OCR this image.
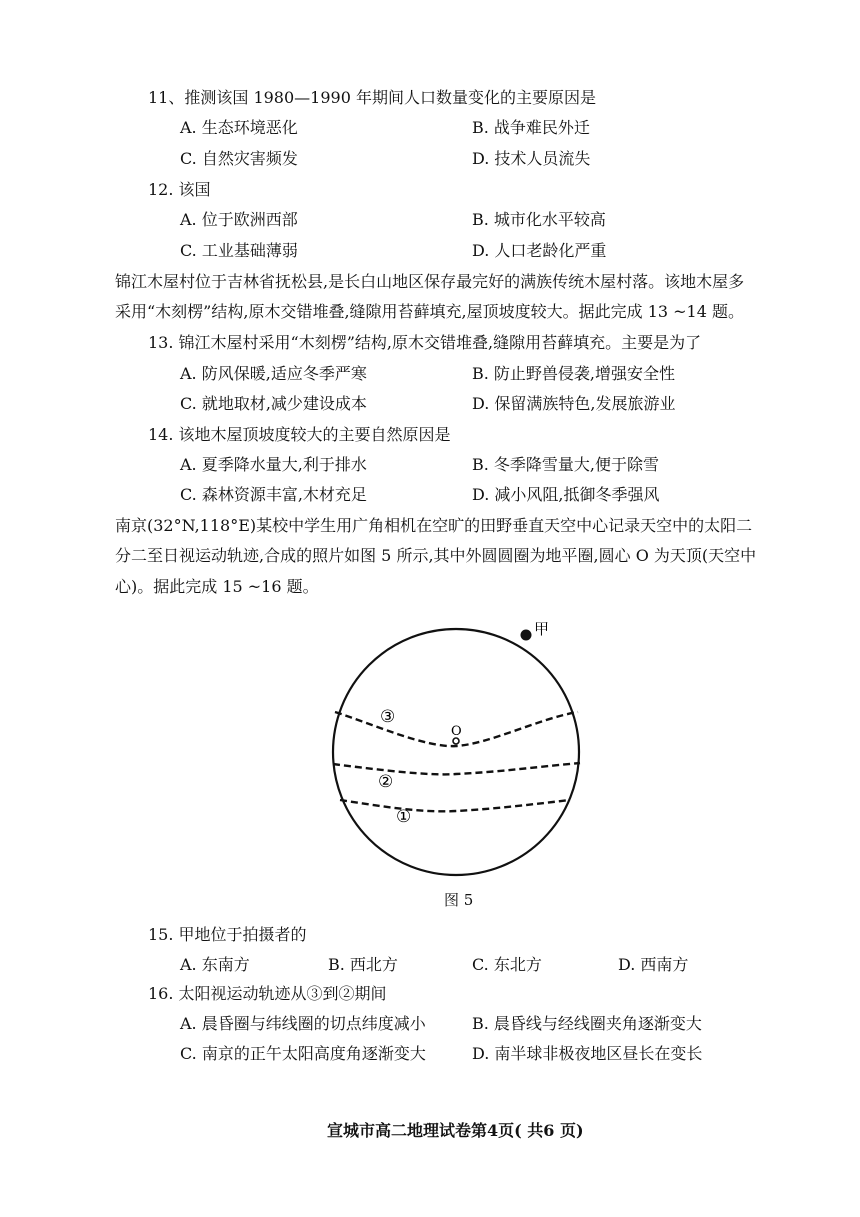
11、推测该国 1980—1990 年期间人口数量变化的主要原因是
A. 生态环境恶化	B. 战争难民外迁
C. 自然灾害频发	D. 技术人员流失
12. 该国
A. 位于欧洲西部	B. 城市化水平较高
C. 工业基础薄弱	D. 人口老龄化严重
锦江木屋村位于吉林省抚松县,是长白山地区保存最完好的满族传统木屋村落。该地木屋多
采用“木刻楞”结构,原木交错堆叠,缝隙用苔藓填充,屋顶坡度较大。据此完成 13 ~14 题。
13. 锦江木屋村采用“木刻楞”结构,原木交错堆叠,缝隙用苔藓填充。主要是为了
A. 防风保暖,适应冬季严寒	B. 防止野兽侵袭,增强安全性
C. 就地取材,减少建设成本	D. 保留满族特色,发展旅游业
14. 该地木屋顶坡度较大的主要自然原因是
A. 夏季降水量大,利于排水	B. 冬季降雪量大,便于除雪
C. 森林资源丰富,木材充足	D. 减小风阻,抵御冬季强风
南京(32°N,118°E)某校中学生用广角相机在空旷的田野垂直天空中心记录天空中的太阳二
分二至日视运动轨迹,合成的照片如图 5 所示,其中外圆圆圈为地平圈,圆心 O 为天顶(天空中
心)。据此完成 15 ~16 题。
甲
O
③
②
①
图 5
15. 甲地位于拍摄者的
A. 东南方	B. 西北方	C. 东北方	D. 西南方
16. 太阳视运动轨迹从③到②期间
A. 晨昏圈与纬线圈的切点纬度减小	B. 晨昏线与经线圈夹角逐渐变大
C. 南京的正午太阳高度角逐渐变大	D. 南半球非极夜地区昼长在变长
宣城市高二地理试卷第4页( 共6 页)
